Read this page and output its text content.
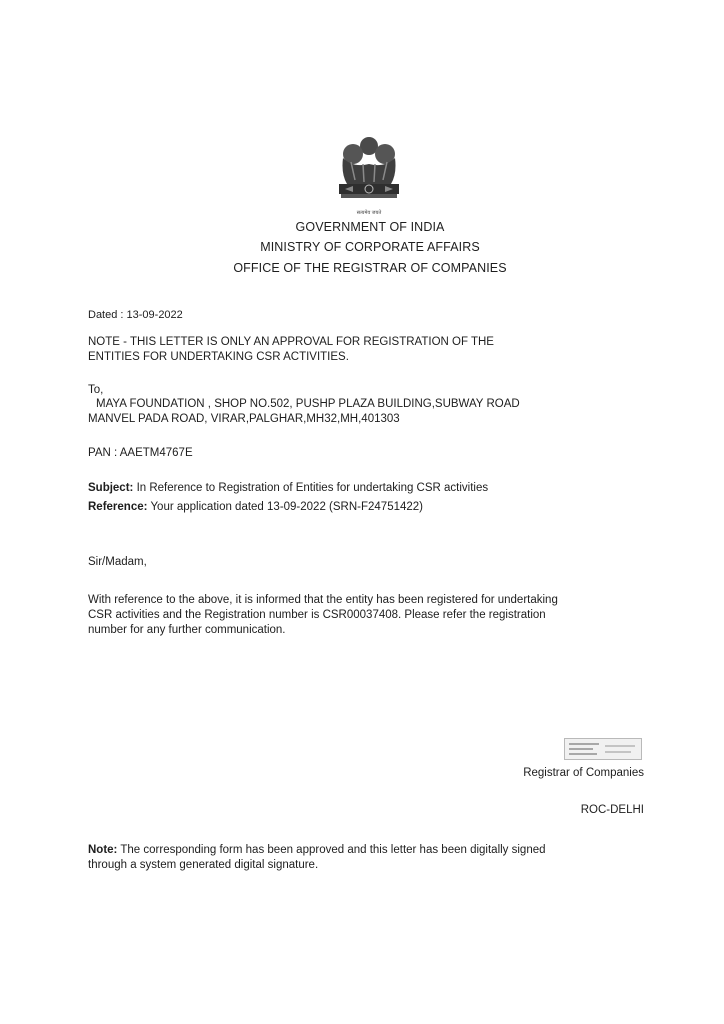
सत्यमेव जयते
GOVERNMENT OF INDIA
MINISTRY OF CORPORATE AFFAIRS
OFFICE OF THE REGISTRAR OF COMPANIES
Dated : 13-09-2022
NOTE - THIS LETTER IS ONLY AN APPROVAL FOR REGISTRATION OF THE
ENTITIES FOR UNDERTAKING CSR ACTIVITIES.
To,
MAYA FOUNDATION , SHOP NO.502, PUSHP PLAZA BUILDING,SUBWAY ROAD
MANVEL PADA ROAD, VIRAR,PALGHAR,MH32,MH,401303
PAN : AAETM4767E
Subject: In Reference to Registration of Entities for undertaking CSR activities
Reference: Your application dated 13-09-2022 (SRN-F24751422)
Sir/Madam,
With reference to the above, it is informed that the entity has been registered for undertaking
CSR activities and the Registration number is CSR00037408. Please refer the registration
number for any further communication.
Registrar of Companies
ROC-DELHI
Note: The corresponding form has been approved and this letter has been digitally signed
through a system generated digital signature.
